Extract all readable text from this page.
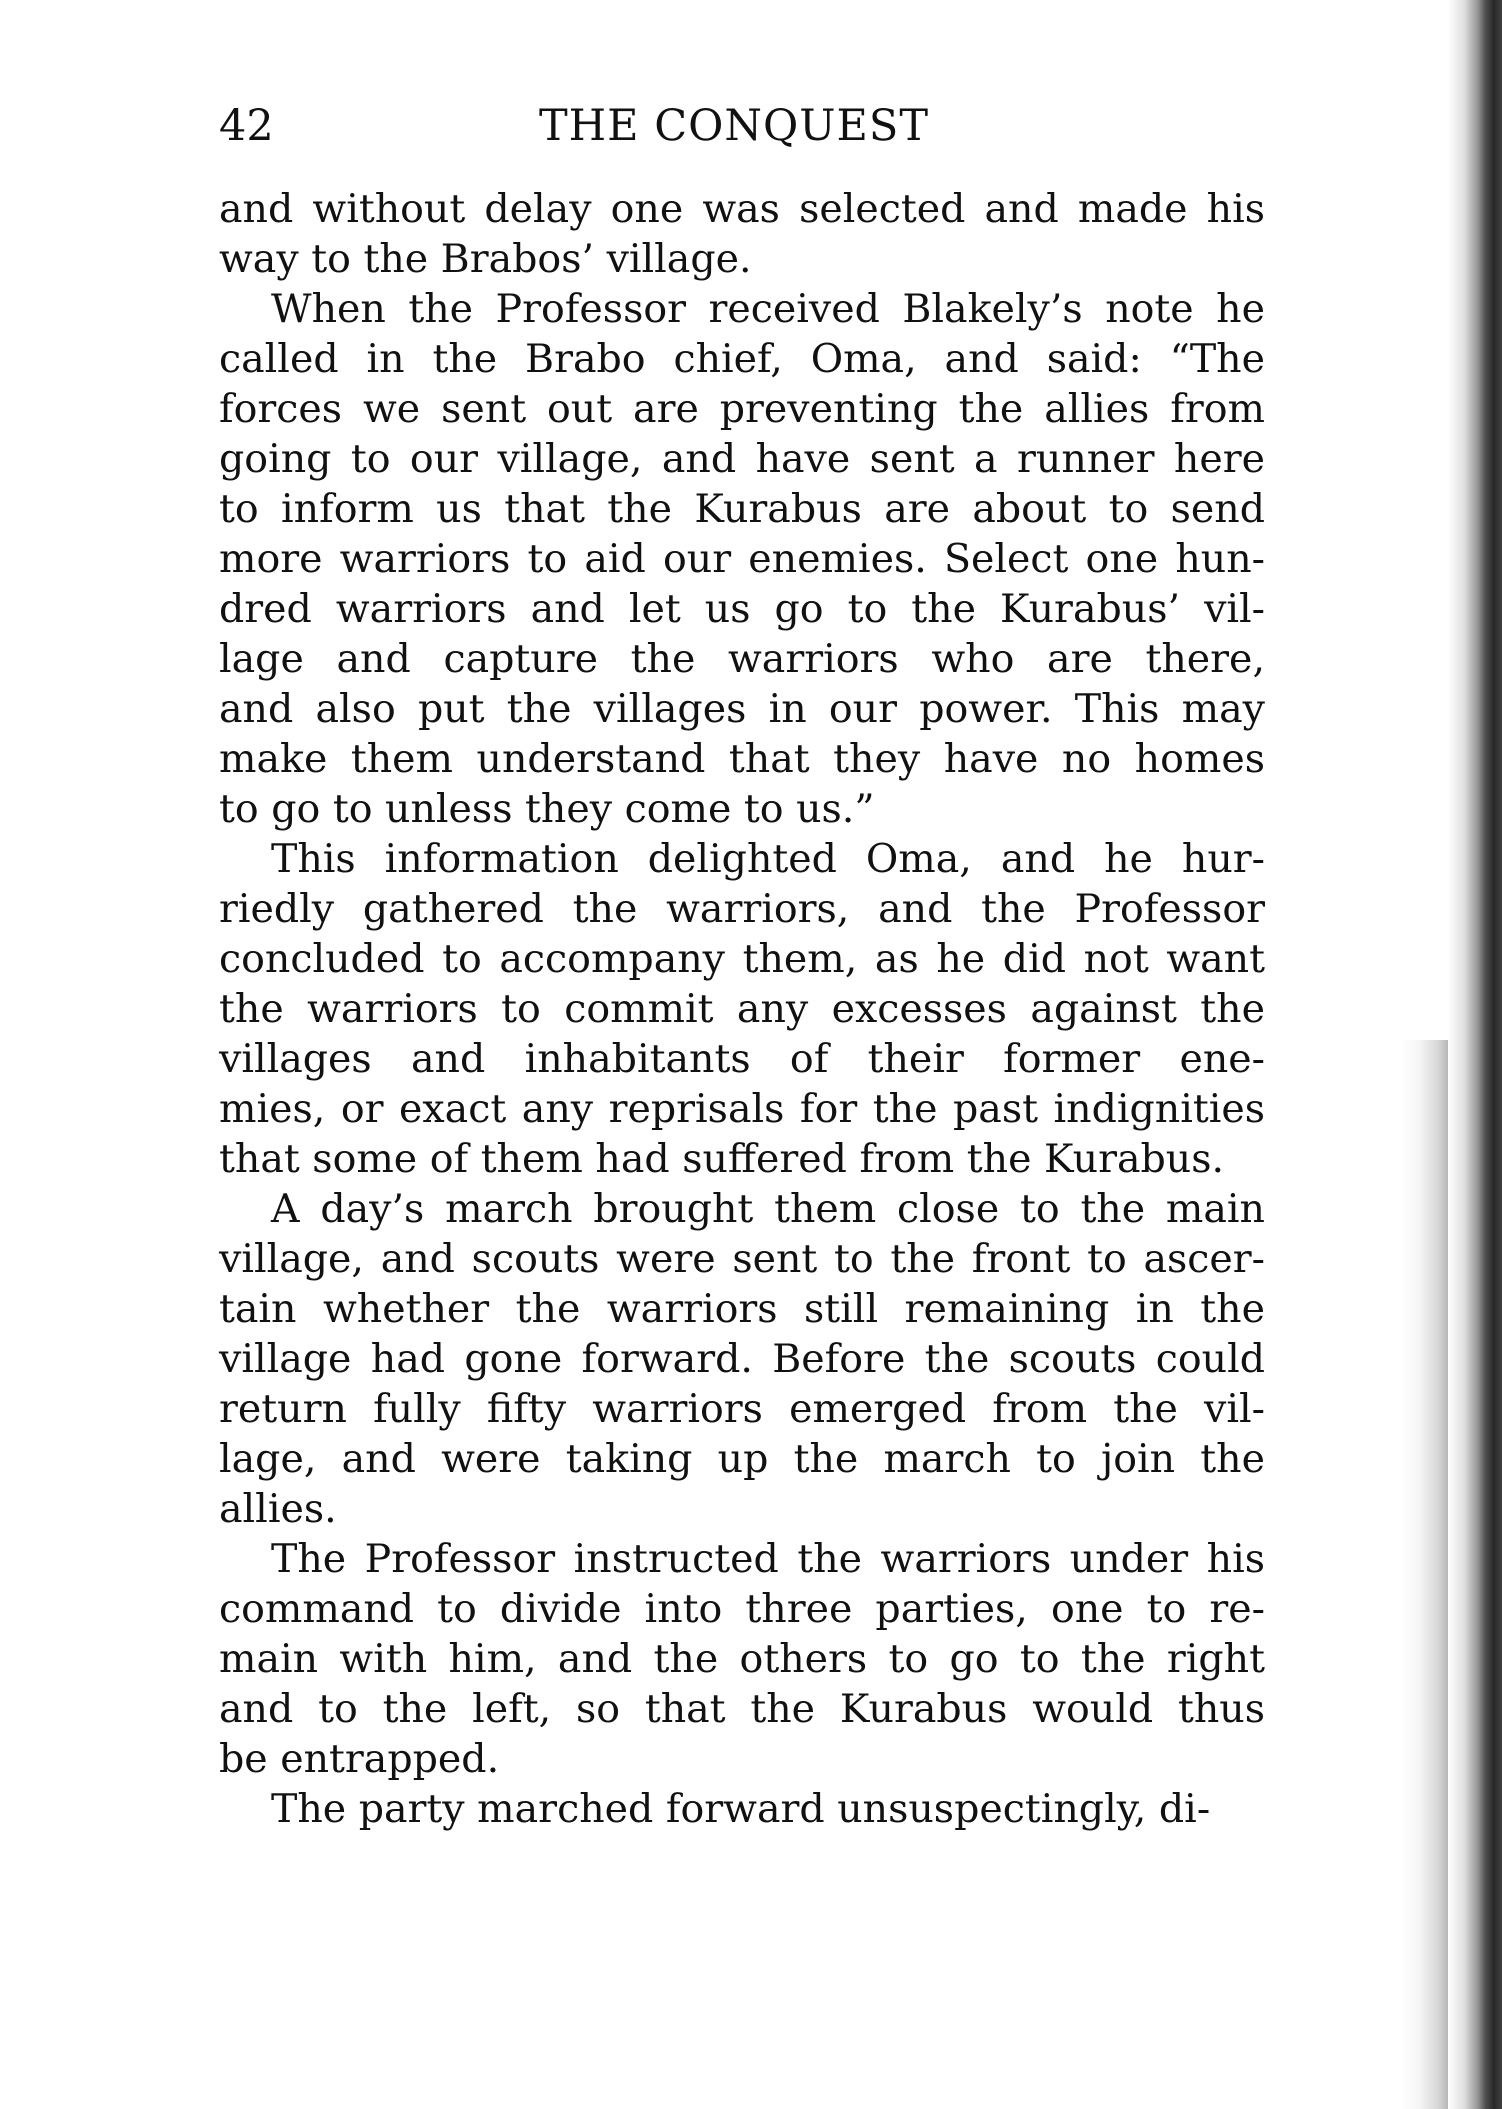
42	THE CONQUEST
and without delay one was selected and made his
way to the Brabos’ village.
When the Professor received Blakely’s note he
called in the Brabo chief, Oma, and said: “The
forces we sent out are preventing the allies from
going to our village, and have sent a runner here
to inform us that the Kurabus are about to send
more warriors to aid our enemies. Select one hun-
dred warriors and let us go to the Kurabus’ vil-
lage and capture the warriors who are there,
and also put the villages in our power. This may
make them understand that they have no homes
to go to unless they come to us.”
This information delighted Oma, and he hur-
riedly gathered the warriors, and the Professor
concluded to accompany them, as he did not want
the warriors to commit any excesses against the
villages and inhabitants of their former ene-
mies, or exact any reprisals for the past indignities
that some of them had suffered from the Kurabus.
A day’s march brought them close to the main
village, and scouts were sent to the front to ascer-
tain whether the warriors still remaining in the
village had gone forward. Before the scouts could
return fully fifty warriors emerged from the vil-
lage, and were taking up the march to join the
allies.
The Professor instructed the warriors under his
command to divide into three parties, one to re-
main with him, and the others to go to the right
and to the left, so that the Kurabus would thus
be entrapped.
The party marched forward unsuspectingly, di-
